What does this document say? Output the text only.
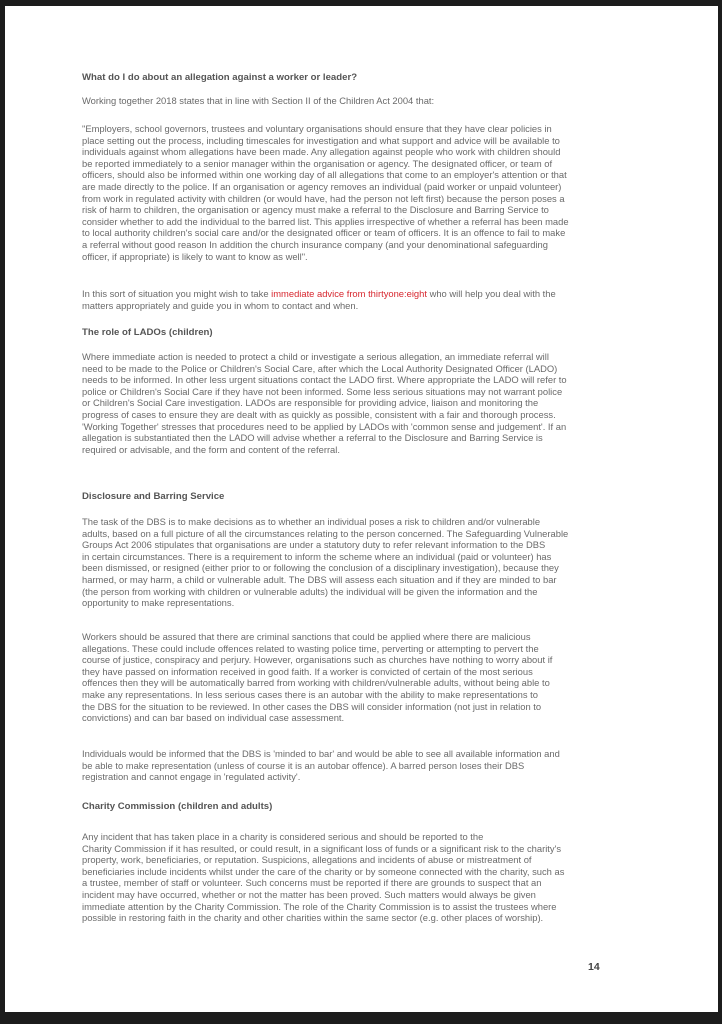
What do I do about an allegation against a worker or leader?
Working together 2018 states that in line with Section II of the Children Act 2004 that:
"Employers, school governors, trustees and voluntary organisations should ensure that they have clear policies in
place setting out the process, including timescales for investigation and what support and advice will be available to
individuals against whom allegations have been made. Any allegation against people who work with children should
be reported immediately to a senior manager within the organisation or agency. The designated officer, or team of
officers, should also be informed within one working day of all allegations that come to an employer's attention or that
are made directly to the police. If an organisation or agency removes an individual (paid worker or unpaid volunteer)
from work in regulated activity with children (or would have, had the person not left first) because the person poses a
risk of harm to children, the organisation or agency must make a referral to the Disclosure and Barring Service to
consider whether to add the individual to the barred list. This applies irrespective of whether a referral has been made
to local authority children's social care and/or the designated officer or team of officers. It is an offence to fail to make
a referral without good reason In addition the church insurance company (and your denominational safeguarding
officer, if appropriate) is likely to want to know as well".
In this sort of situation you might wish to take immediate advice from thirtyone:eight who will help you deal with the
matters appropriately and guide you in whom to contact and when.
The role of LADOs (children)
Where immediate action is needed to protect a child or investigate a serious allegation, an immediate referral will
need to be made to the Police or Children's Social Care, after which the Local Authority Designated Officer (LADO)
needs to be informed. In other less urgent situations contact the LADO first. Where appropriate the LADO will refer to
police or Children's Social Care if they have not been informed. Some less serious situations may not warrant police
or Children's Social Care investigation. LADOs are responsible for providing advice, liaison and monitoring the
progress of cases to ensure they are dealt with as quickly as possible, consistent with a fair and thorough process.
'Working Together' stresses that procedures need to be applied by LADOs with 'common sense and judgement'. If an
allegation is substantiated then the LADO will advise whether a referral to the Disclosure and Barring Service is
required or advisable, and the form and content of the referral.
Disclosure and Barring Service
The task of the DBS is to make decisions as to whether an individual poses a risk to children and/or vulnerable
adults, based on a full picture of all the circumstances relating to the person concerned. The Safeguarding Vulnerable
Groups Act 2006 stipulates that organisations are under a statutory duty to refer relevant information to the DBS
in certain circumstances. There is a requirement to inform the scheme where an individual (paid or volunteer) has
been dismissed, or resigned (either prior to or following the conclusion of a disciplinary investigation), because they
harmed, or may harm, a child or vulnerable adult. The DBS will assess each situation and if they are minded to bar
(the person from working with children or vulnerable adults) the individual will be given the information and the
opportunity to make representations.
Workers should be assured that there are criminal sanctions that could be applied where there are malicious
allegations. These could include offences related to wasting police time, perverting or attempting to pervert the
course of justice, conspiracy and perjury. However, organisations such as churches have nothing to worry about if
they have passed on information received in good faith. If a worker is convicted of certain of the most serious
offences then they will be automatically barred from working with children/vulnerable adults, without being able to
make any representations. In less serious cases there is an autobar with the ability to make representations to
the DBS for the situation to be reviewed. In other cases the DBS will consider information (not just in relation to
convictions) and can bar based on individual case assessment.
Individuals would be informed that the DBS is 'minded to bar' and would be able to see all available information and
be able to make representation (unless of course it is an autobar offence). A barred person loses their DBS
registration and cannot engage in 'regulated activity'.
Charity Commission (children and adults)
Any incident that has taken place in a charity is considered serious and should be reported to the
Charity Commission if it has resulted, or could result, in a significant loss of funds or a significant risk to the charity's
property, work, beneficiaries, or reputation. Suspicions, allegations and incidents of abuse or mistreatment of
beneficiaries include incidents whilst under the care of the charity or by someone connected with the charity, such as
a trustee, member of staff or volunteer. Such concerns must be reported if there are grounds to suspect that an
incident may have occurred, whether or not the matter has been proved. Such matters would always be given
immediate attention by the Charity Commission. The role of the Charity Commission is to assist the trustees where
possible in restoring faith in the charity and other charities within the same sector (e.g. other places of worship).
14
